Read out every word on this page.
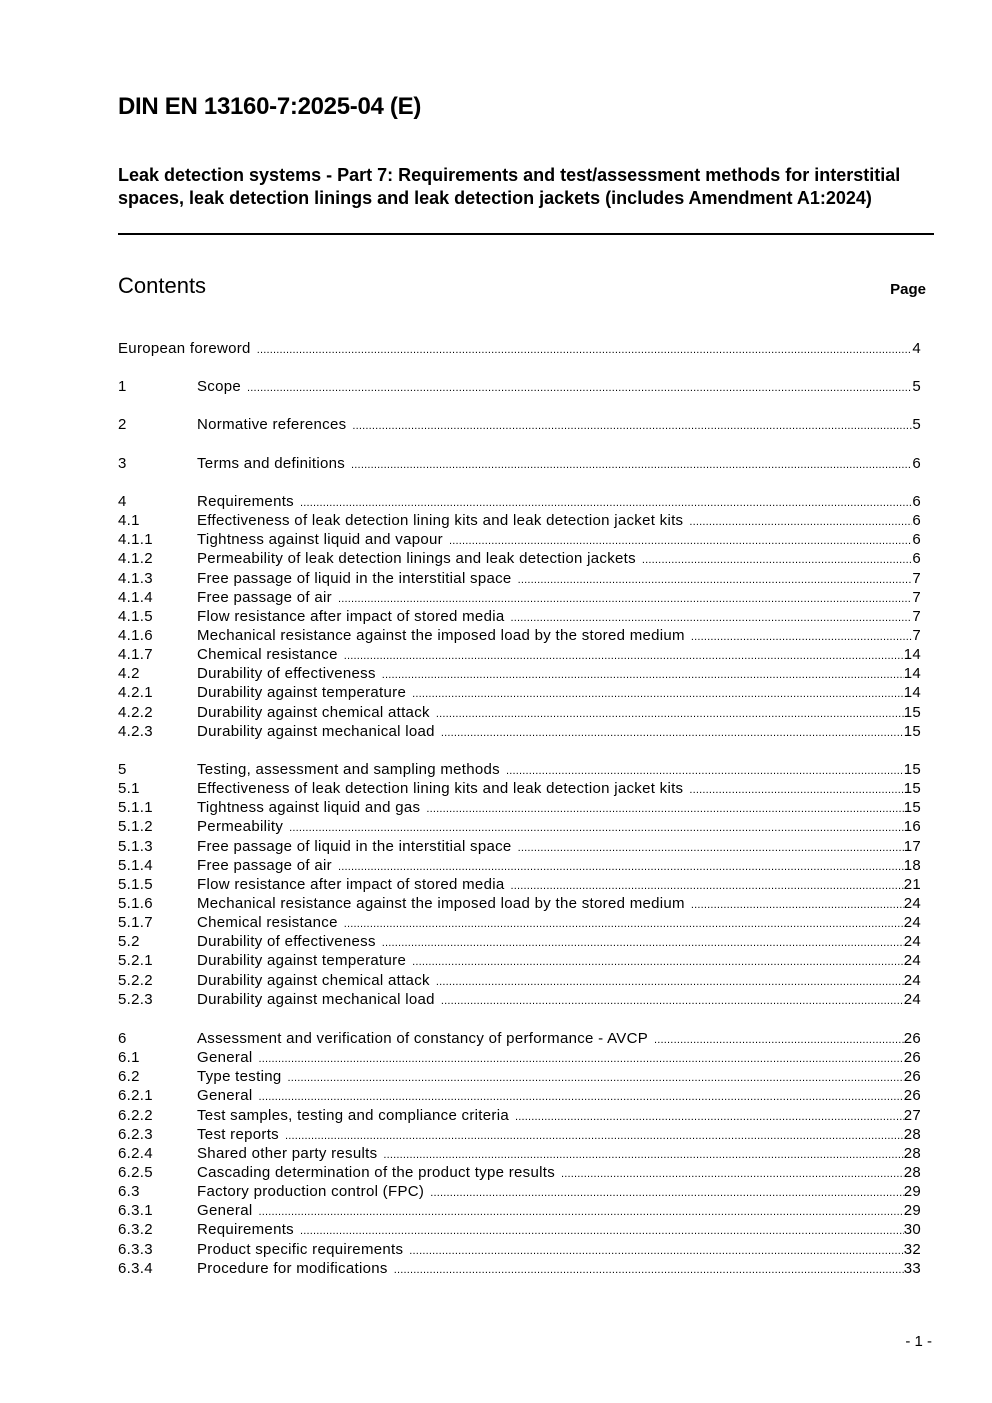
DIN EN 13160-7:2025-04 (E)
Leak detection systems - Part 7: Requirements and test/assessment methods for interstitial spaces, leak detection linings and leak detection jackets (includes Amendment A1:2024)
Contents	Page
European foreword .....	4
1	Scope .....	5
2	Normative references .....	5
3	Terms and definitions .....	6
4	Requirements .....	6
4.1	Effectiveness of leak detection lining kits and leak detection jacket kits .....	6
4.1.1	Tightness against liquid and vapour .....	6
4.1.2	Permeability of leak detection linings and leak detection jackets .....	6
4.1.3	Free passage of liquid in the interstitial space .....	7
4.1.4	Free passage of air .....	7
4.1.5	Flow resistance after impact of stored media .....	7
4.1.6	Mechanical resistance against the imposed load by the stored medium .....	7
4.1.7	Chemical resistance .....	14
4.2	Durability of effectiveness .....	14
4.2.1	Durability against temperature .....	14
4.2.2	Durability against chemical attack .....	15
4.2.3	Durability against mechanical load .....	15
5	Testing, assessment and sampling methods .....	15
5.1	Effectiveness of leak detection lining kits and leak detection jacket kits .....	15
5.1.1	Tightness against liquid and gas .....	15
5.1.2	Permeability .....	16
5.1.3	Free passage of liquid in the interstitial space .....	17
5.1.4	Free passage of air .....	18
5.1.5	Flow resistance after impact of stored media .....	21
5.1.6	Mechanical resistance against the imposed load by the stored medium .....	24
5.1.7	Chemical resistance .....	24
5.2	Durability of effectiveness .....	24
5.2.1	Durability against temperature .....	24
5.2.2	Durability against chemical attack .....	24
5.2.3	Durability against mechanical load .....	24
6	Assessment and verification of constancy of performance - AVCP .....	26
6.1	General .....	26
6.2	Type testing .....	26
6.2.1	General .....	26
6.2.2	Test samples, testing and compliance criteria .....	27
6.2.3	Test reports .....	28
6.2.4	Shared other party results .....	28
6.2.5	Cascading determination of the product type results .....	28
6.3	Factory production control (FPC) .....	29
6.3.1	General .....	29
6.3.2	Requirements .....	30
6.3.3	Product specific requirements .....	32
6.3.4	Procedure for modifications .....	33
- 1 -
